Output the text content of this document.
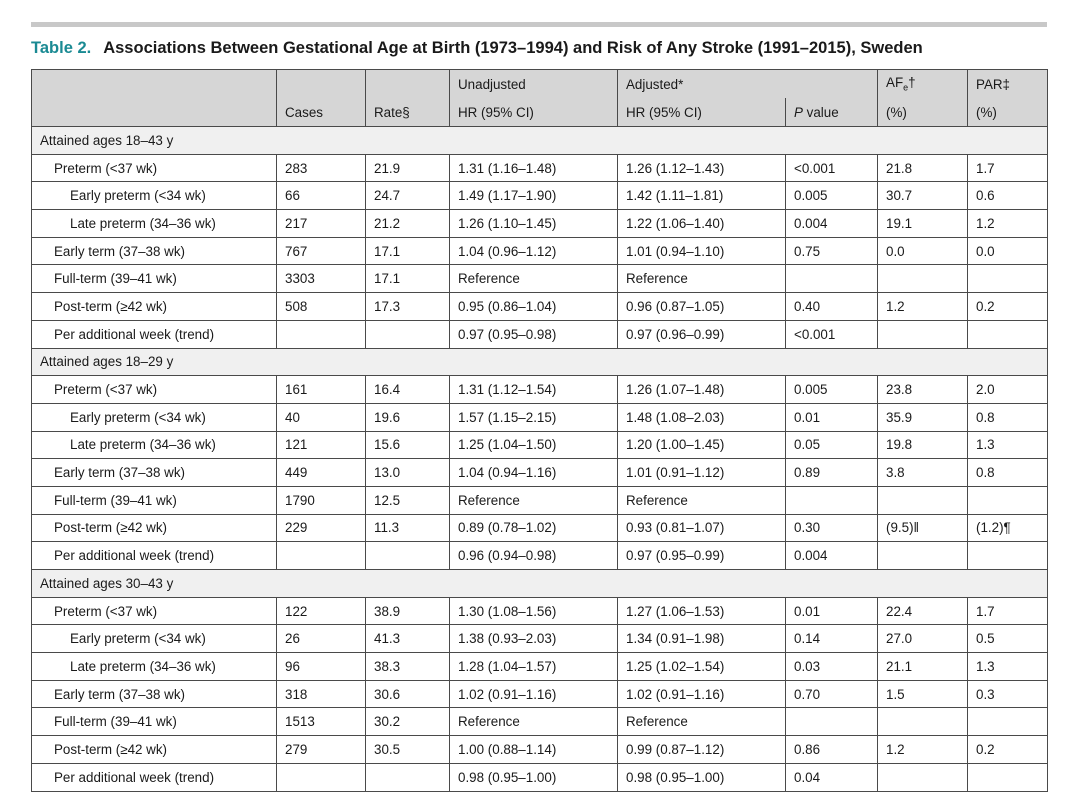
Table 2. Associations Between Gestational Age at Birth (1973–1994) and Risk of Any Stroke (1991–2015), Sweden
			Unadjusted	Adjusted*		$AF_e\dagger$	PAR‡
	Cases	Rate§	HR (95% CI)	HR (95% CI)	P value	(%)	(%)
Attained ages 18–43 y							
Preterm (<37 wk)	283	21.9	1.31 (1.16–1.48)	1.26 (1.12–1.43)	<0.001	21.8	1.7
Early preterm (<34 wk)	66	24.7	1.49 (1.17–1.90)	1.42 (1.11–1.81)	0.005	30.7	0.6
Late preterm (34–36 wk)	217	21.2	1.26 (1.10–1.45)	1.22 (1.06–1.40)	0.004	19.1	1.2
Early term (37–38 wk)	767	17.1	1.04 (0.96–1.12)	1.01 (0.94–1.10)	0.75	0.0	0.0
Full-term (39–41 wk)	3303	17.1	Reference	Reference			
Post-term (≥42 wk)	508	17.3	0.95 (0.86–1.04)	0.96 (0.87–1.05)	0.40	1.2	0.2
Per additional week (trend)			0.97 (0.95–0.98)	0.97 (0.96–0.99)	<0.001		
Attained ages 18–29 y							
Preterm (<37 wk)	161	16.4	1.31 (1.12–1.54)	1.26 (1.07–1.48)	0.005	23.8	2.0
Early preterm (<34 wk)	40	19.6	1.57 (1.15–2.15)	1.48 (1.08–2.03)	0.01	35.9	0.8
Late preterm (34–36 wk)	121	15.6	1.25 (1.04–1.50)	1.20 (1.00–1.45)	0.05	19.8	1.3
Early term (37–38 wk)	449	13.0	1.04 (0.94–1.16)	1.01 (0.91–1.12)	0.89	3.8	0.8
Full-term (39–41 wk)	1790	12.5	Reference	Reference			
Post-term (≥42 wk)	229	11.3	0.89 (0.78–1.02)	0.93 (0.81–1.07)	0.30	(9.5)‖	(1.2)¶
Per additional week (trend)			0.96 (0.94–0.98)	0.97 (0.95–0.99)	0.004		
Attained ages 30–43 y							
Preterm (<37 wk)	122	38.9	1.30 (1.08–1.56)	1.27 (1.06–1.53)	0.01	22.4	1.7
Early preterm (<34 wk)	26	41.3	1.38 (0.93–2.03)	1.34 (0.91–1.98)	0.14	27.0	0.5
Late preterm (34–36 wk)	96	38.3	1.28 (1.04–1.57)	1.25 (1.02–1.54)	0.03	21.1	1.3
Early term (37–38 wk)	318	30.6	1.02 (0.91–1.16)	1.02 (0.91–1.16)	0.70	1.5	0.3
Full-term (39–41 wk)	1513	30.2	Reference	Reference			
Post-term (≥42 wk)	279	30.5	1.00 (0.88–1.14)	0.99 (0.87–1.12)	0.86	1.2	0.2
Per additional week (trend)			0.98 (0.95–1.00)	0.98 (0.95–1.00)	0.04		
